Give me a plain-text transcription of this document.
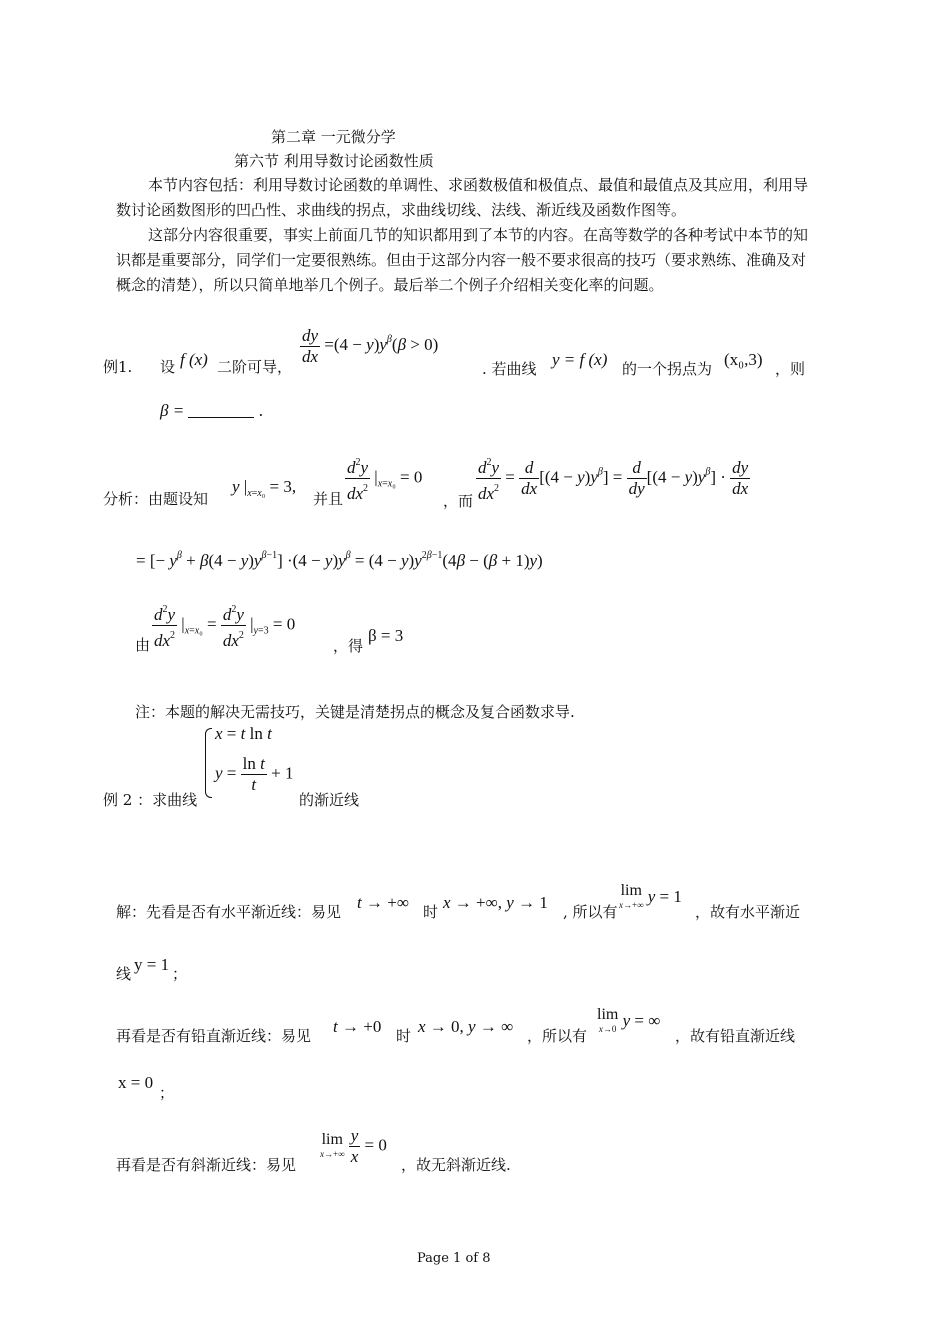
第二章 一元微分学
第六节 利用导数讨论函数性质
本节内容包括：利用导数讨论函数的单调性、求函数极值和极值点、最值和最值点及其应用，利用导数讨论函数图形的凹凸性、求曲线的拐点，求曲线切线、法线、渐近线及函数作图等。
这部分内容很重要，事实上前面几节的知识都用到了本节的内容。在高等数学的各种考试中本节的知识都是重要部分，同学们一定要很熟练。但由于这部分内容一般不要求很高的技巧（要求熟练、准确及对概念的清楚），所以只简单地举几个例子。最后举二个例子介绍相关变化率的问题。
例1. 设 f (x) 二阶可导， $\frac{dy}{dx} =(4 - y)y^\beta(\beta > 0)$
. 若曲线 y = f (x) 的一个拐点为 (x₀,3) ，则
β =	.
分析：由题设知
y $|_{x=x_0} = 3$,
并且 $\frac{d^2y}{dx^2} |_{x=x_0} = 0$
，而 $\frac{d^2y}{dx^2} = \frac{d}{dx} [(4 - y)y^\beta] = \frac{d}{dy} [(4 - y)y^\beta] \cdot \frac{dy}{dx}$
= [− $y^\beta + \beta(4 - y)y^{\beta-1}] \cdot(4 - y)y^\beta = (4 - y)y^{2\beta-1}(4\beta - (\beta + 1)y)$
由 $\frac{d^2y}{dx^2} |_{x=x_0} = \frac{d^2y}{dx^2} |_{y=3} = 0$
，得
β = 3
注：本题的解决无需技巧，关键是清楚拐点的概念及复合函数求导.
例 2 ：求曲线
x = t ln t
$y = \frac{\text{ln t}}{t} + 1$
的渐近线
解：先看是否有水平渐近线：易见 t → +∞ 时 x → +∞, y → 1 , 所以有
lim
x→+∞ y = 1
，故有水平渐近
线 y = 1 ；
再看是否有铅直渐近线：易见 t → +0 时 x → 0, y → ∞ ，所以有
lim
x→0 y = ∞
，故有铅直渐近线
x = 0
；
再看是否有斜渐近线：易见
lim
x→+∞
$\frac{y}{x} = 0$
，故无斜渐近线.
Page 1 of 8
